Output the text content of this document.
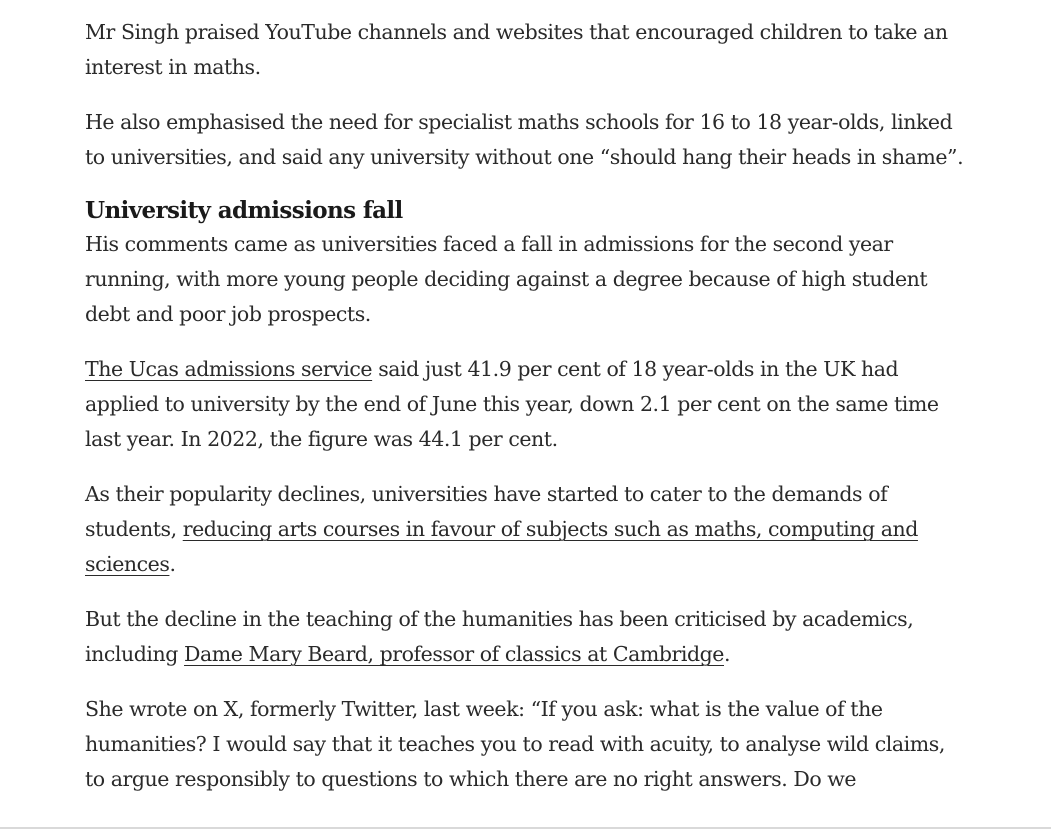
Mr Singh praised YouTube channels and websites that encouraged children to take an interest in maths.

He also emphasised the need for specialist maths schools for 16 to 18 year-olds, linked to universities, and said any university without one “should hang their heads in shame”.

University admissions fall

His comments came as universities faced a fall in admissions for the second year running, with more young people deciding against a degree because of high student debt and poor job prospects.

The Ucas admissions service said just 41.9 per cent of 18 year-olds in the UK had applied to university by the end of June this year, down 2.1 per cent on the same time last year. In 2022, the figure was 44.1 per cent.

As their popularity declines, universities have started to cater to the demands of students, reducing arts courses in favour of subjects such as maths, computing and sciences.

But the decline in the teaching of the humanities has been criticised by academics, including Dame Mary Beard, professor of classics at Cambridge.

She wrote on X, formerly Twitter, last week: “If you ask: what is the value of the humanities? I would say that it teaches you to read with acuity, to analyse wild claims, to argue responsibly to questions to which there are no right answers. Do we
